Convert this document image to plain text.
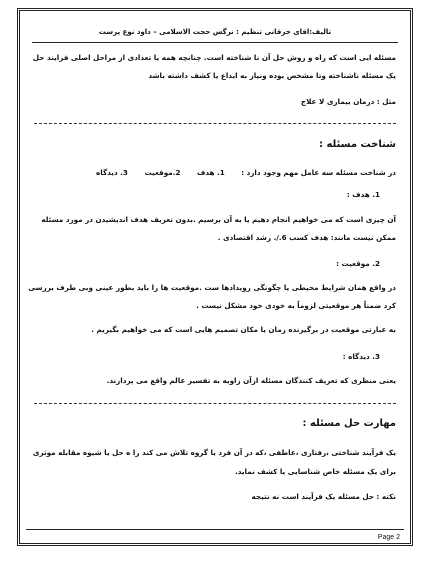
تالیف:اقای خرقانی تنظیم : نرگس حجت الاسلامی – داود نوع پرست
مسئله ایی است که راه و روش حل آن نا شناخته است. چنانچه همه یا تعدادی از مراحل اصلی فرایند حل
یک مسئله ناشناخته وتا مشخص بوده ونیاز به ابداع یا کشف داشته باشد
مثل : درمان بیماری لا علاج
شناخت مسئله :
در شناخت مسئله سه عامل مهم وجود دارد : 1. هدف 2.موقعیت 3. دیدگاه
1. هدف :
آن چیزی است که می خواهیم انجام دهیم یا به آن برسیم .بدون تعریف هدف اندیشیدن در مورد مسئله
ممکن نیست مانند: هدف کسب 6./. رشد اقتصادی .
2. موقعیت :
در واقع همان شرایط محیطی یا چگونگی رویدادها ست .موقعیت ها را باید بطور عینی وبی طرف بررسی
کرد ضمناً هر موقعیتی لزوماً به خودی خود مشکل نیست .
به عبارتی موقعیت در برگیرنده زمان یا مکان تصمیم هایی است که می خواهیم بگیریم .
3. دیدگاه :
یعنی منظری که تعریف کنندگان مسئله ازآن زاویه به تفسیر عالم واقع می پردازند.
مهارت حل مسئله :
یک فرآیند شناختی ،رفتاری ،عاطفی ،که در آن فرد یا گروه تلاش می کند را ه حل یا شیوه مقابله موثری
برای یک مسئله خاص شناسایی یا کشف نماید.
نکته : حل مسئله یک فرآیند است نه نتیجه
Page 2
